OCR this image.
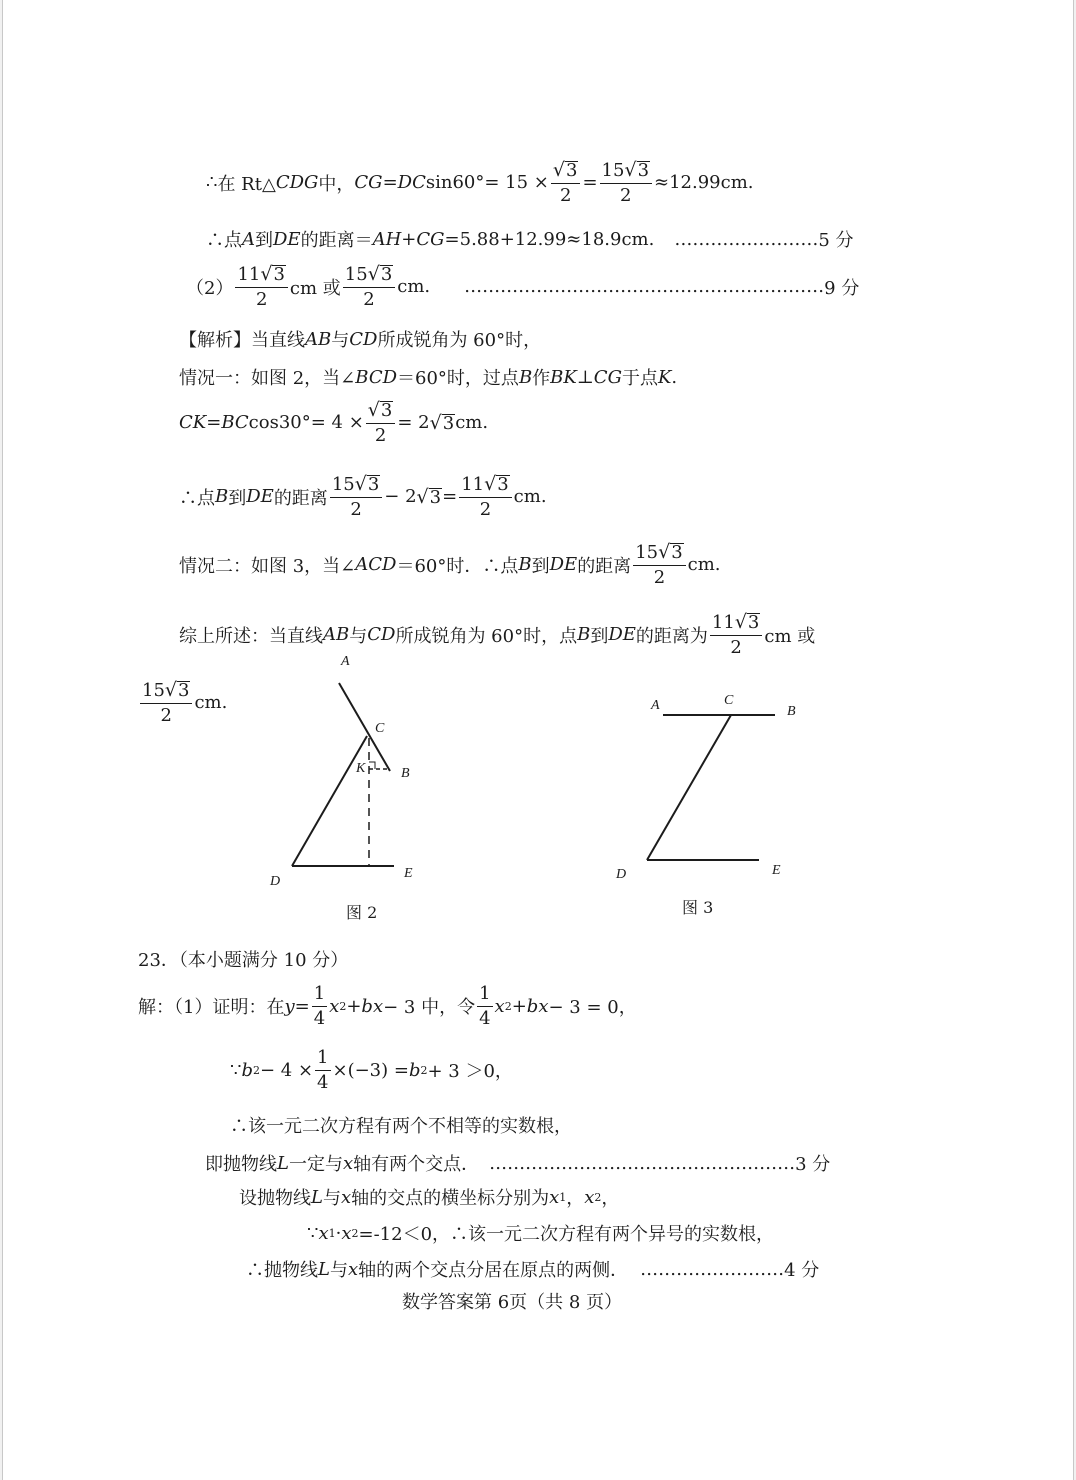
∴ 在 Rt△ CDG 中， CG = DC $\sin 60^\circ= 15 \times \frac{√ 3}{2} = \frac{15 √ 3}{2} \approx 12.99cm$.
∴点 A 到 DE 的距离＝ AH + CG =5.88+12.99≈18.9cm. …………………… 5 分
$(2) \frac{11 √ 3}{2}$ cm 或 $\frac{15 √ 3}{2}$ cm. …………………………………………………… 9 分
【解析】当直线 AB 与 CD 所成锐角为 60°时，
情况一：如图 2，当∠ BCD ＝60°时，过点 B 作 BK ⊥ CG 于点 K .
CK = BC $\cos 30^\circ= 4 \times \frac{√ 3}{2} = 2$ √ 3 cm.
∴点 B 到 DE 的距离 $\frac{15 √ 3}{2} - 2$ √ $3 = \frac{11 √ 3}{2}$ cm.
情况二：如图 3，当∠ ACD ＝60°时．∴点 B 到 DE 的距离 $\frac{15 √ 3}{2}$ cm.
综上所述：当直线 AB 与 CD 所成锐角为 60°时，点 B 到 DE 的距离为 $\frac{11 √ 3}{2}$ cm 或
$\frac{15 √ 3}{2}$ cm.
A
C
K	B
D
E
图 2
A	C
B
D	E
图 3
23．（本小题满分 10 分）
解：（1）证明：在 $y = \frac{1}{4}$ x 2 + bx − 3 中，令 $\frac{1}{4}$ x 2 + bx − 3 = 0，
∵ b $2 - 4 \times \frac{1}{4} \times(-3) = b$ 2 + 3 ＞0，
∴该一元二次方程有两个不相等的实数根，
即抛物线 L 一定与 x 轴有两个交点． …………………………………………… 3 分
设抛物线 L 与 x 轴的交点的横坐标分别为 x 1 ， x 2 ，
∵ x 1 · x 2 =-12＜0，∴该一元二次方程有两个异号的实数根，
∴抛物线 L 与 x 轴的两个交点分居在原点的两侧． …………………… 4 分
数学答案第 6页（共 8 页）
